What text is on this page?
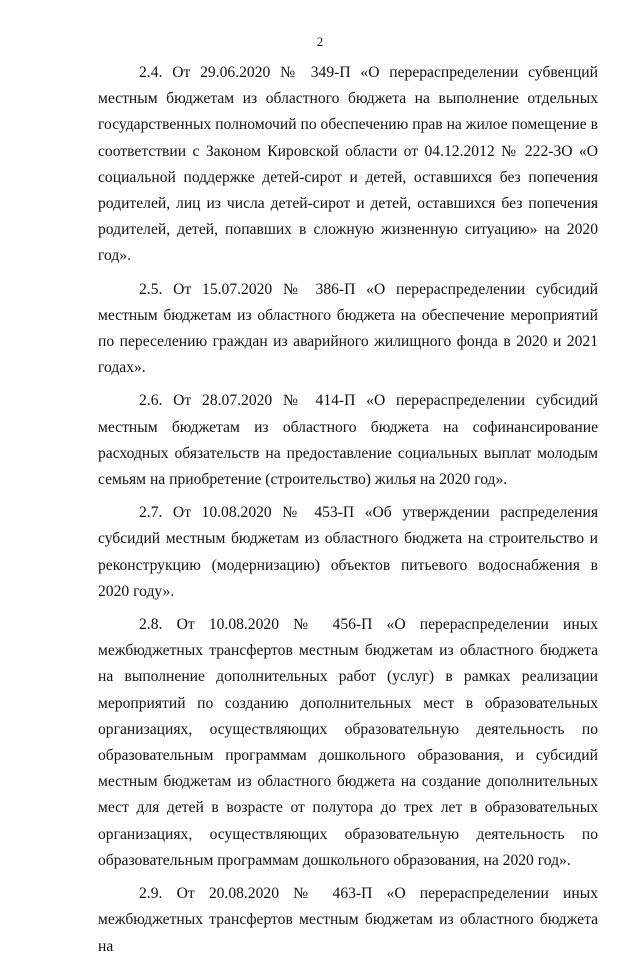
2

2.4. От 29.06.2020 № 349-П «О перераспределении субвенций местным бюджетам из областного бюджета на выполнение отдельных государственных полномочий по обеспечению прав на жилое помещение в соответствии с Законом Кировской области от 04.12.2012 № 222-ЗО «О социальной поддержке детей-сирот и детей, оставшихся без попечения родителей, лиц из числа детей-сирот и детей, оставшихся без попечения родителей, детей, попавших в сложную жизненную ситуацию» на 2020 год».

2.5. От 15.07.2020 № 386-П «О перераспределении субсидий местным бюджетам из областного бюджета на обеспечение мероприятий по переселению граждан из аварийного жилищного фонда в 2020 и 2021 годах».

2.6. От 28.07.2020 № 414-П «О перераспределении субсидий местным бюджетам из областного бюджета на софинансирование расходных обязательств на предоставление социальных выплат молодым семьям на приобретение (строительство) жилья на 2020 год».

2.7. От 10.08.2020 № 453-П «Об утверждении распределения субсидий местным бюджетам из областного бюджета на строительство и реконструкцию (модернизацию) объектов питьевого водоснабжения в 2020 году».

2.8. От 10.08.2020 № 456-П «О перераспределении иных межбюджетных трансфертов местным бюджетам из областного бюджета на выполнение дополнительных работ (услуг) в рамках реализации мероприятий по созданию дополнительных мест в образовательных организациях, осуществляющих образовательную деятельность по образовательным программам дошкольного образования, и субсидий местным бюджетам из областного бюджета на создание дополнительных мест для детей в возрасте от полутора до трех лет в образовательных организациях, осуществляющих образовательную деятельность по образовательным программам дошкольного образования, на 2020 год».

2.9. От 20.08.2020 № 463-П «О перераспределении иных межбюджетных трансфертов местным бюджетам из областного бюджета на
